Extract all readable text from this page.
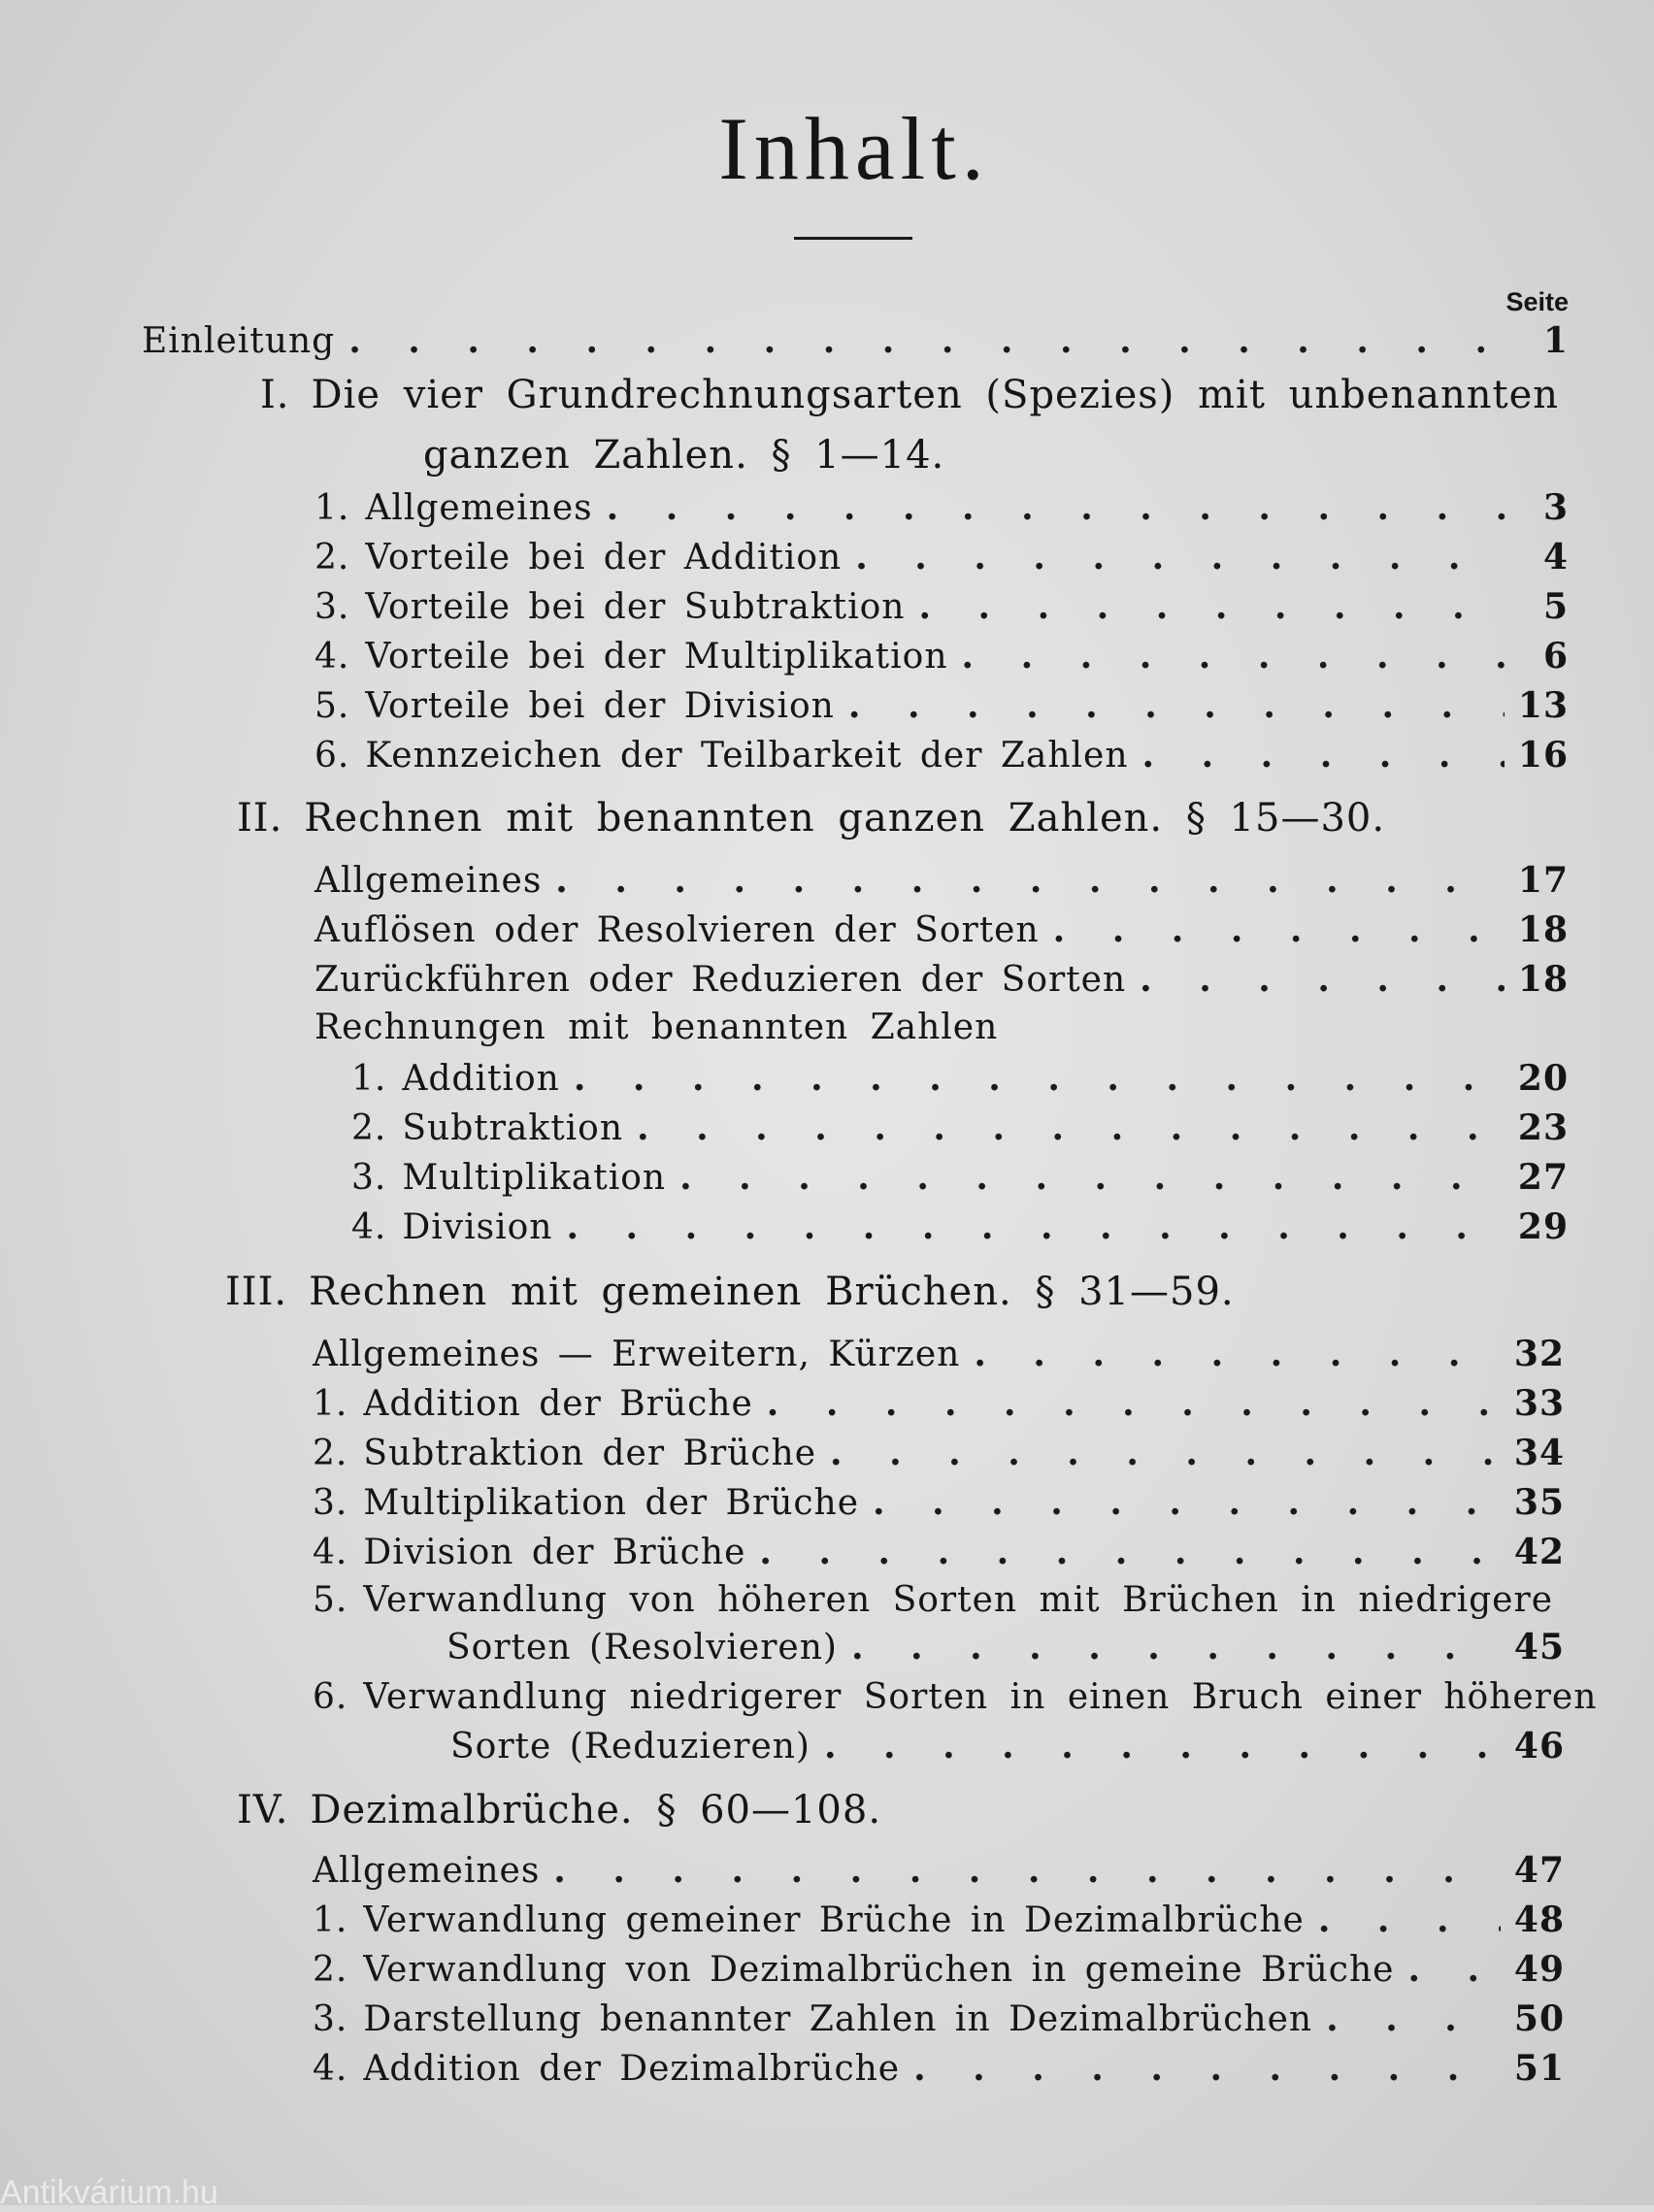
Inhalt.
Seite
Einleitung . . .	1
I. Die vier Grundrechnungsarten (Spezies) mit unbenannten
ganzen Zahlen. § 1—14.
1. Allgemeines . . .	3
2. Vorteile bei der Addition . . .	4
3. Vorteile bei der Subtraktion . . .	5
4. Vorteile bei der Multiplikation . . .	6
5. Vorteile bei der Division . . .	13
6. Kennzeichen der Teilbarkeit der Zahlen . . .	16
II. Rechnen mit benannten ganzen Zahlen. § 15—30.
Allgemeines . . .	17
Auflösen oder Resolvieren der Sorten . . .	18
Zurückführen oder Reduzieren der Sorten . . .	18
Rechnungen mit benannten Zahlen
1. Addition . . .	20
2. Subtraktion . . .	23
3. Multiplikation . . .	27
4. Division . . .	29
III. Rechnen mit gemeinen Brüchen. § 31—59.
Allgemeines — Erweitern, Kürzen . . .	32
1. Addition der Brüche . . .	33
2. Subtraktion der Brüche . . .	34
3. Multiplikation der Brüche . . .	35
4. Division der Brüche . . .	42
5. Verwandlung von höheren Sorten mit Brüchen in niedrigere
Sorten (Resolvieren) . . .	45
6. Verwandlung niedrigerer Sorten in einen Bruch einer höheren
Sorte (Reduzieren) . . .	46
IV. Dezimalbrüche. § 60—108.
Allgemeines . . .	47
1. Verwandlung gemeiner Brüche in Dezimalbrüche . . .	48
2. Verwandlung von Dezimalbrüchen in gemeine Brüche . . .	49
3. Darstellung benannter Zahlen in Dezimalbrüchen . . .	50
4. Addition der Dezimalbrüche . . .	51
Antikvárium.hu
